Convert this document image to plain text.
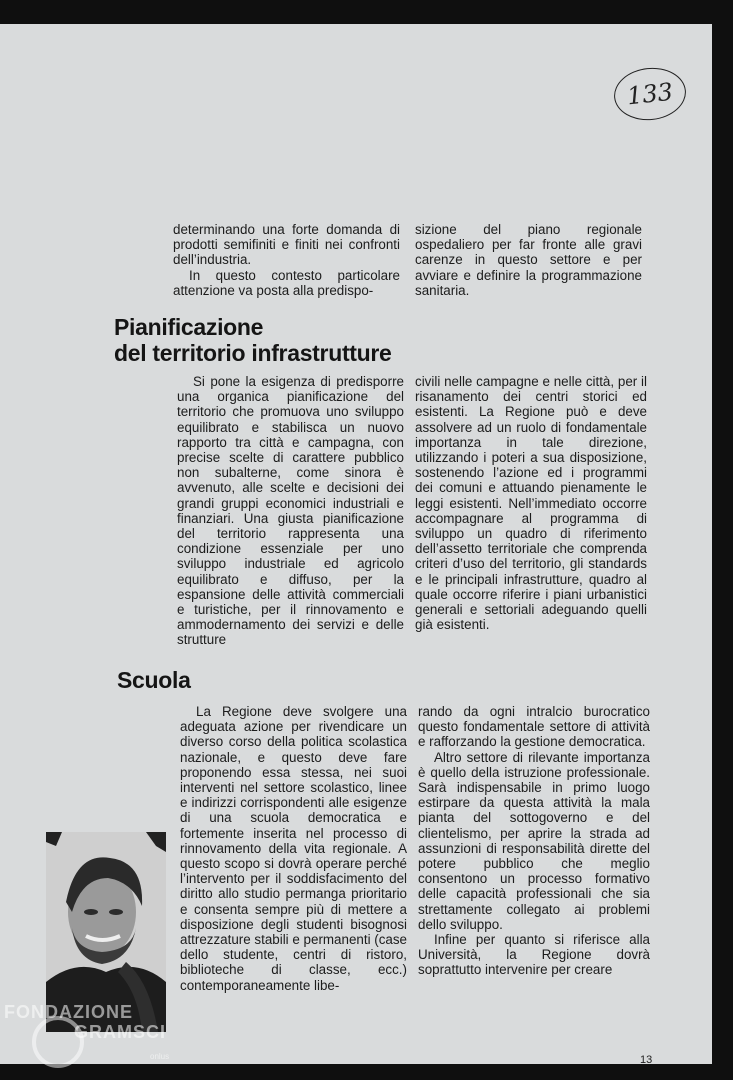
133

determinando una forte domanda di prodotti semifiniti e finiti nei confronti dell’industria.

In questo contesto particolare attenzione va posta alla predispo-

sizione del piano regionale ospedaliero per far fronte alle gravi carenze in questo settore e per avviare e definire la programmazione sanitaria.

Pianificazione
del territorio infrastrutture

Si pone la esigenza di predisporre una organica pianificazione del territorio che promuova uno sviluppo equilibrato e stabilisca un nuovo rapporto tra città e campagna, con precise scelte di carattere pubblico non subalterne, come sinora è avvenuto, alle scelte e decisioni dei grandi gruppi economici industriali e finanziari. Una giusta pianificazione del territorio rappresenta una condizione essenziale per uno sviluppo industriale ed agricolo equilibrato e diffuso, per la espansione delle attività commerciali e turistiche, per il rinnovamento e ammodernamento dei servizi e delle strutture

civili nelle campagne e nelle città, per il risanamento dei centri storici ed esistenti. La Regione può e deve assolvere ad un ruolo di fondamentale importanza in tale direzione, utilizzando i poteri a sua disposizione, sostenendo l’azione ed i programmi dei comuni e attuando pienamente le leggi esistenti. Nell’immediato occorre accompagnare al programma di sviluppo un quadro di riferimento dell’assetto territoriale che comprenda criteri d’uso del territorio, gli standards e le principali infrastrutture, quadro al quale occorre riferire i piani urbanistici generali e settoriali adeguando quelli già esistenti.

Scuola

La Regione deve svolgere una adeguata azione per rivendicare un diverso corso della politica scolastica nazionale, e questo deve fare proponendo essa stessa, nei suoi interventi nel settore scolastico, linee e indirizzi corrispondenti alle esigenze di una scuola democratica e fortemente inserita nel processo di rinnovamento della vita regionale. A questo scopo si dovrà operare perché l’intervento per il soddisfacimento del diritto allo studio permanga prioritario e consenta sempre più di mettere a disposizione degli studenti bisognosi attrezzature stabili e permanenti (case dello studente, centri di ristoro, biblioteche di classe, ecc.) contemporaneamente libe-

rando da ogni intralcio burocratico questo fondamentale settore di attività e rafforzando la gestione democratica.

Altro settore di rilevante importanza è quello della istruzione professionale. Sarà indispensabile in primo luogo estirpare da questa attività la mala pianta del sottogoverno e del clientelismo, per aprire la strada ad assunzioni di responsabilità dirette del potere pubblico che meglio consentono un processo formativo delle capacità professionali che sia strettamente collegato ai problemi dello sviluppo.

Infine per quanto si riferisce alla Università, la Regione dovrà soprattutto intervenire per creare

13
FONDAZIONE
GRAMSCI
onlus
